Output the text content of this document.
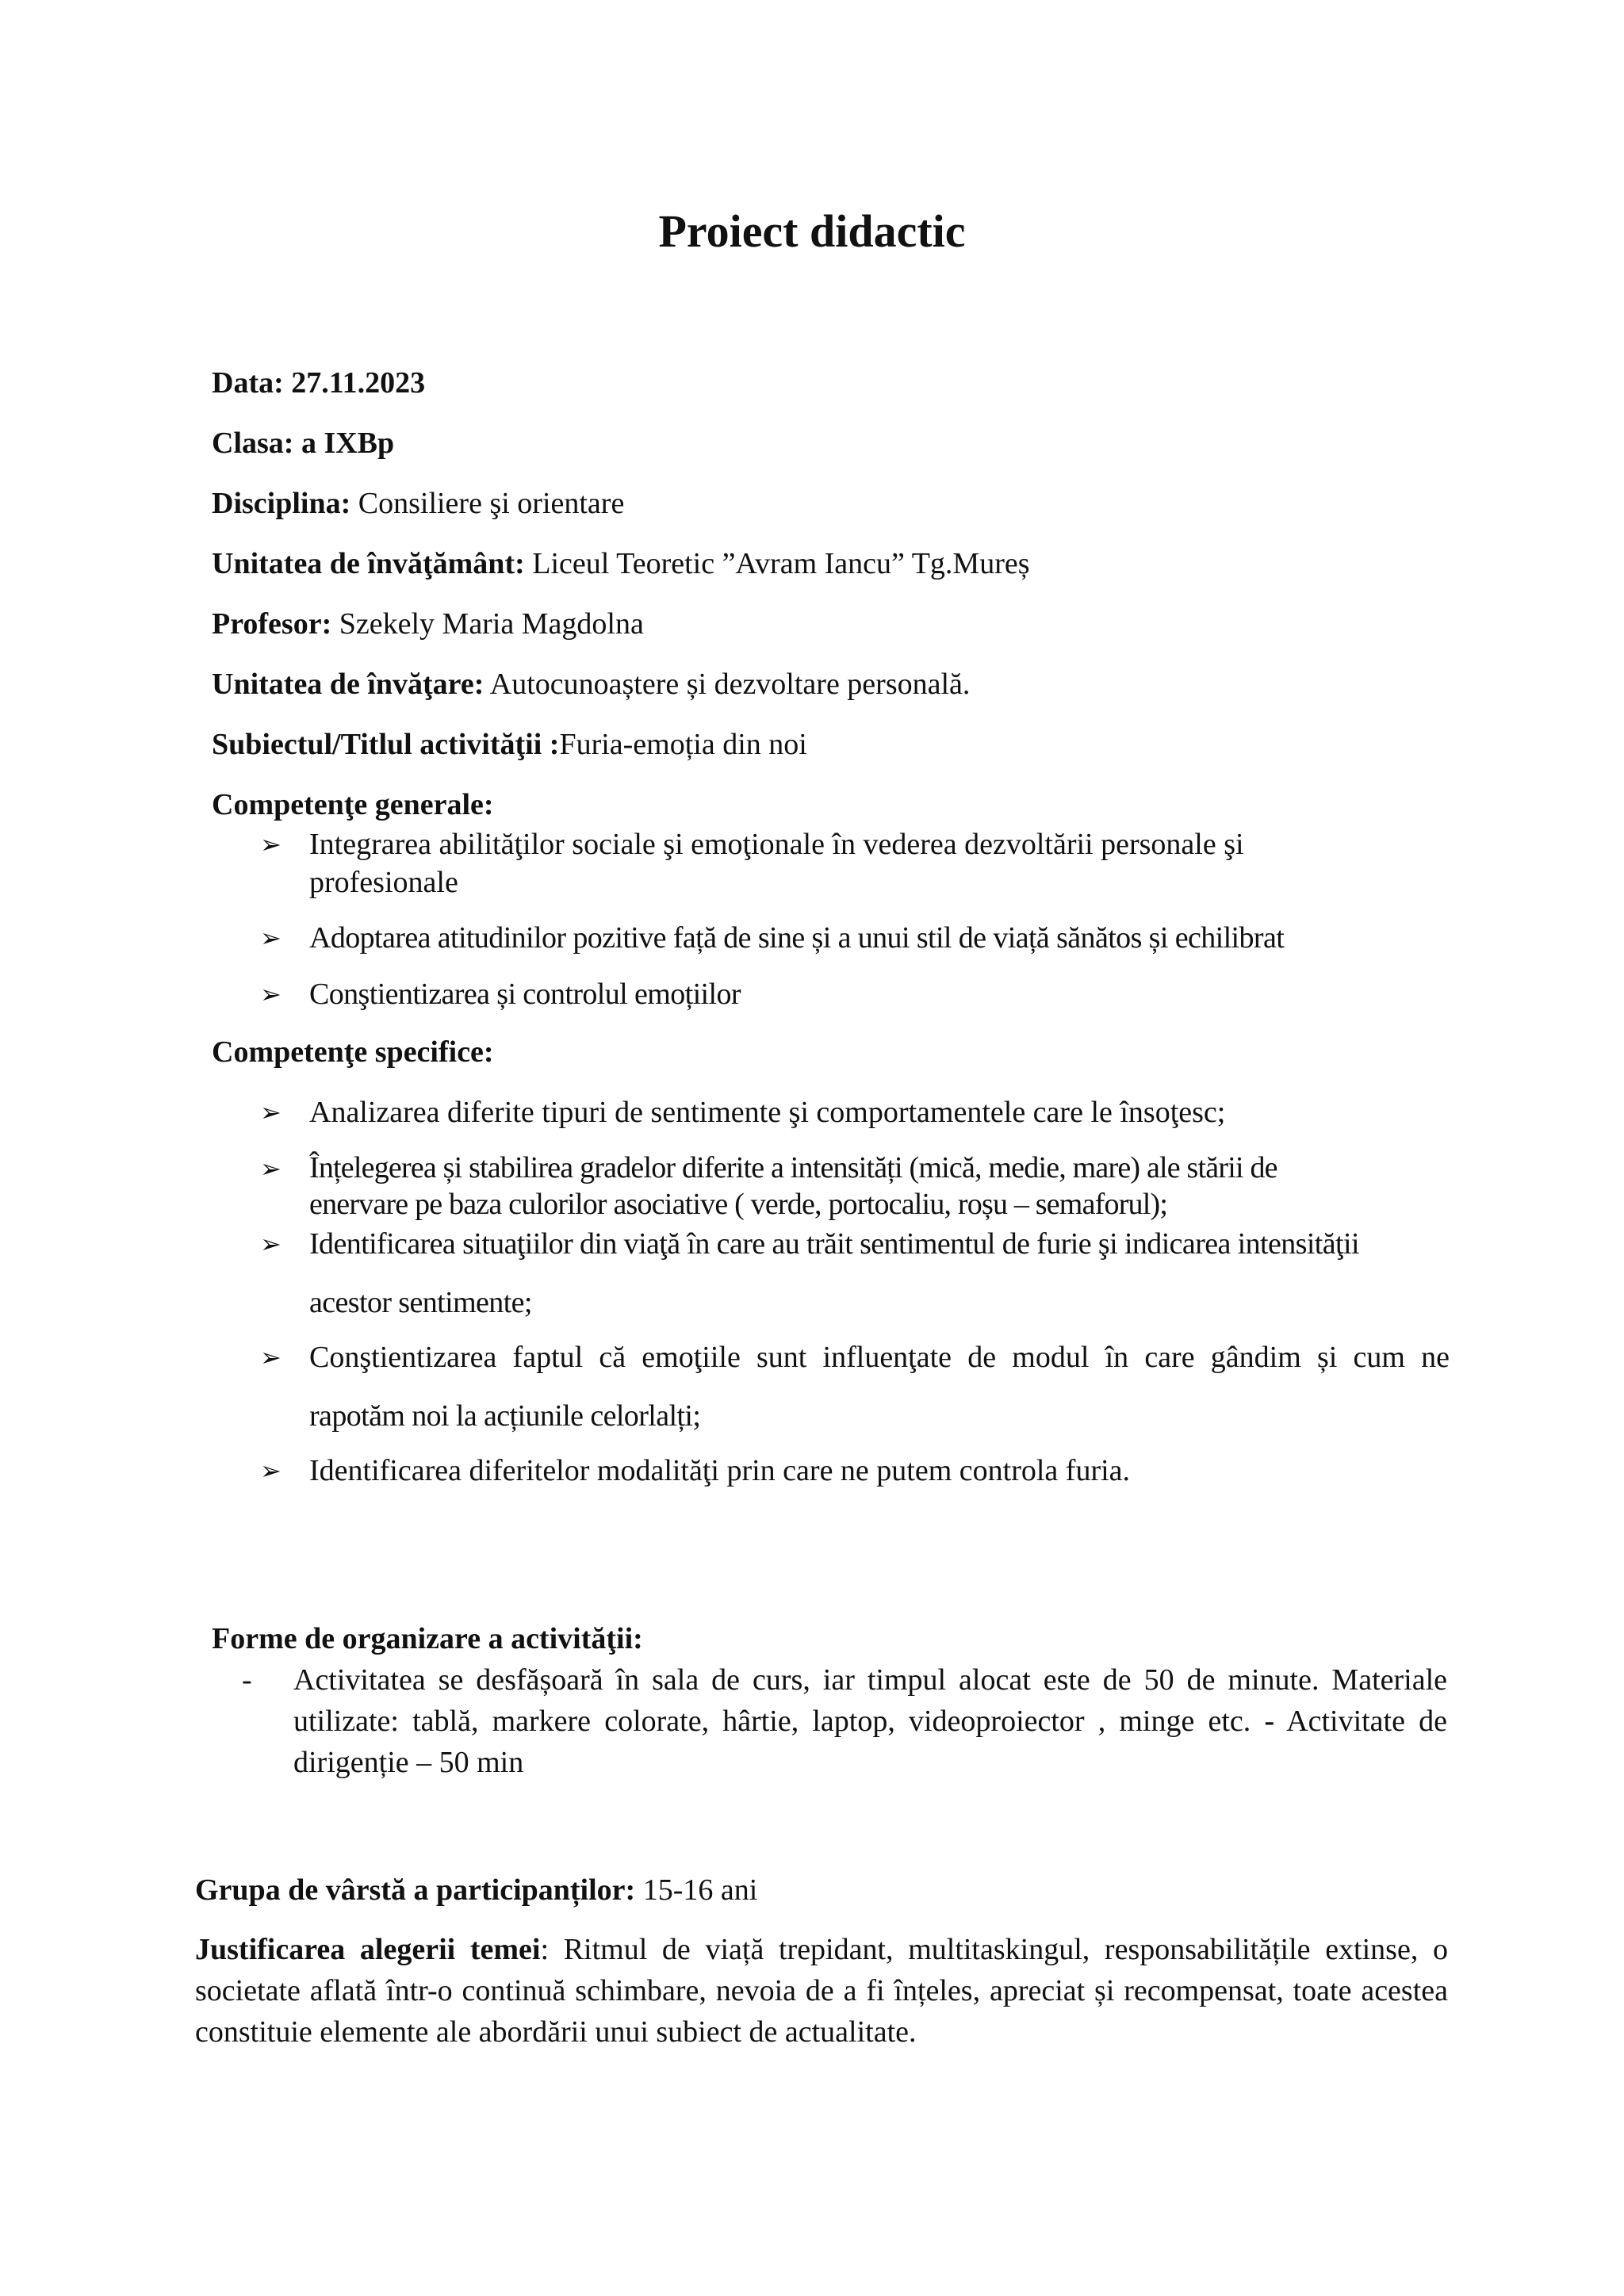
Proiect didactic
Data: 27.11.2023
Clasa: a IXBp
Disciplina: Consiliere şi orientare
Unitatea de învăţământ: Liceul Teoretic ”Avram Iancu” Tg.Mureș
Profesor: Szekely Maria Magdolna
Unitatea de învăţare: Autocunoaștere și dezvoltare personală.
Subiectul/Titlul activităţii :Furia-emoția din noi
Competenţe generale:
➢ Integrarea abilităţilor sociale şi emoţionale în vederea dezvoltării personale şi profesionale
➢ Adoptarea atitudinilor pozitive față de sine și a unui stil de viață sănătos și echilibrat
➢ Conştientizarea și controlul emoțiilor
Competenţe specifice:
➢ Analizarea diferite tipuri de sentimente şi comportamentele care le însoţesc;
➢ Înțelegerea și stabilirea gradelor diferite a intensități (mică, medie, mare) ale stării de enervare pe baza culorilor asociative ( verde, portocaliu, roșu – semaforul);
➢ Identificarea situaţiilor din viaţă în care au trăit sentimentul de furie şi indicarea intensităţii
acestor sentimente;
➢ Conştientizarea faptul că emoţiile sunt influenţate de modul în care gândim și cum ne
rapotăm noi la acțiunile celorlalți;
➢ Identificarea diferitelor modalităţi prin care ne putem controla furia.
Forme de organizare a activităţii:
- Activitatea se desfășoară în sala de curs, iar timpul alocat este de 50 de minute. Materiale utilizate: tablă, markere colorate, hârtie, laptop, videoproiector , minge etc. - Activitate de dirigenție – 50 min
Grupa de vârstă a participanților: 15-16 ani
Justificarea alegerii temei: Ritmul de viață trepidant, multitaskingul, responsabilitățile extinse, o societate aflată într-o continuă schimbare, nevoia de a fi înțeles, apreciat și recompensat, toate acestea constituie elemente ale abordării unui subiect de actualitate.
